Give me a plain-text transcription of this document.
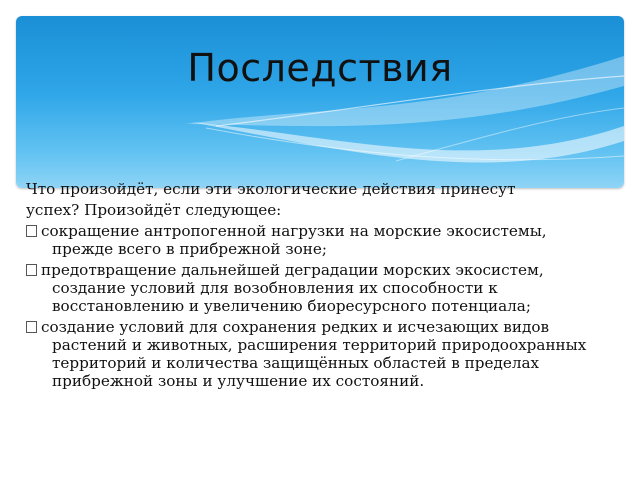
Последствия

Что произойдёт, если эти экологические действия принесут

успех? Произойдёт следующее:

сокращение антропогенной нагрузки на морские экосистемы, прежде всего в прибрежной зоне;

предотвращение дальнейшей деградации морских экосистем, создание условий для возобновления их способности к восстановлению и увеличению биоресурсного потенциала;

создание условий для сохранения редких и исчезающих видов растений и животных, расширения территорий природоохранных территорий и количества защищённых областей в пределах прибрежной зоны и улучшение их состояний.
